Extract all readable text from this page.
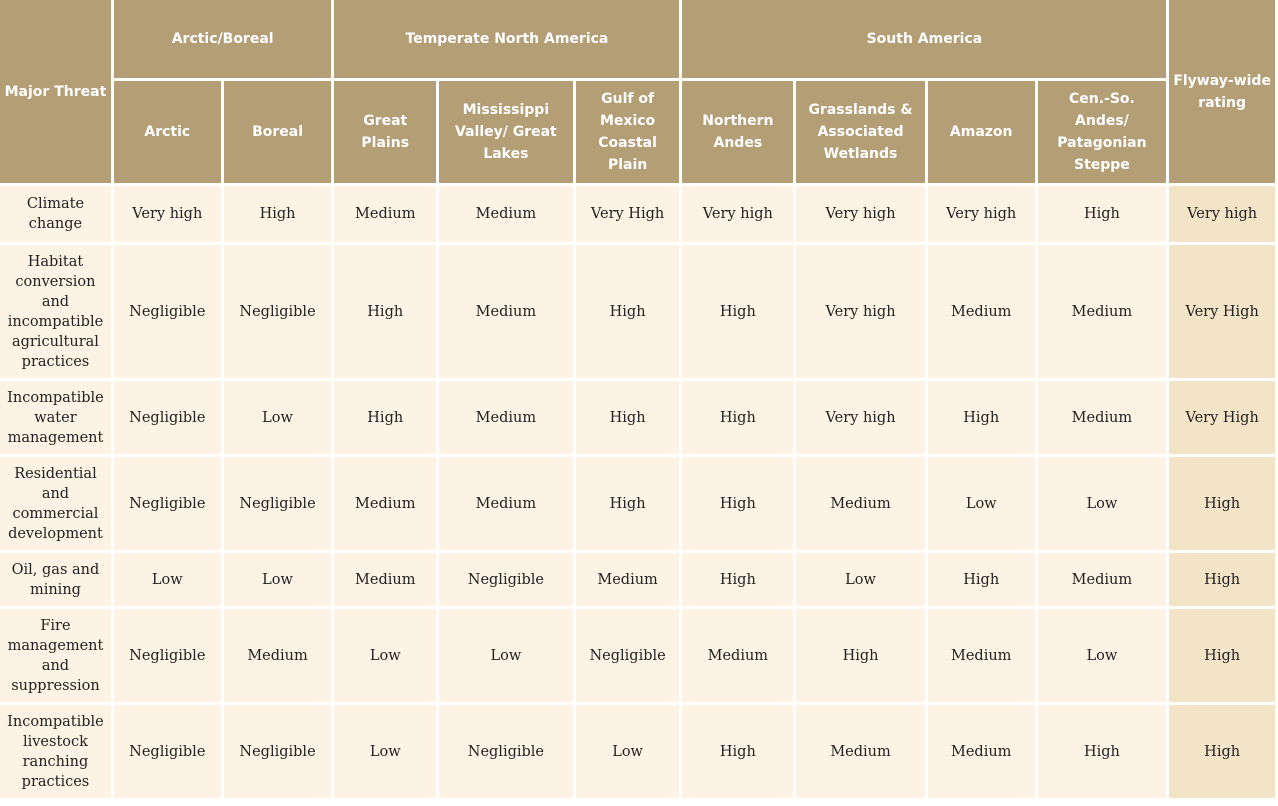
Major Threat	Arctic/Boreal		Temperate North America			South America				Flyway-wide rating
	Arctic	Boreal	Great Plains	Mississippi Valley/ Great Lakes	Gulf of Mexico Coastal Plain	Northern Andes	Grasslands & Associated Wetlands	Amazon	Cen.-So. Andes/ Patagonian Steppe	
Climate change	Very high	High	Medium	Medium	Very High	Very high	Very high	Very high	High	Very high
Habitat conversion and incompatible agricultural practices	Negligible	Negligible	High	Medium	High	High	Very high	Medium	Medium	Very High
Incompatible water management	Negligible	Low	High	Medium	High	High	Very high	High	Medium	Very High
Residential and commercial development	Negligible	Negligible	Medium	Medium	High	High	Medium	Low	Low	High
Oil, gas and mining	Low	Low	Medium	Negligible	Medium	High	Low	High	Medium	High
Fire management and suppression	Negligible	Medium	Low	Low	Negligible	Medium	High	Medium	Low	High
Incompatible livestock ranching practices	Negligible	Negligible	Low	Negligible	Low	High	Medium	Medium	High	High
